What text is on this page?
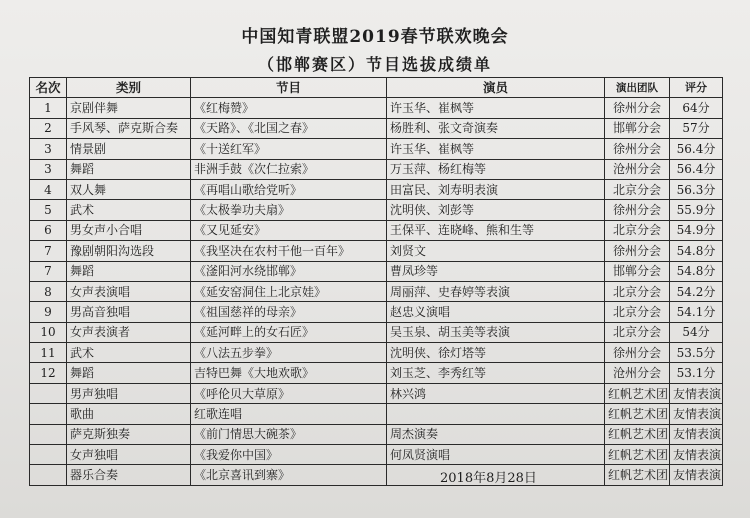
中国知青联盟2019春节联欢晚会
（邯郸赛区）节目选拔成绩单
名次	类别	节目	演员	演出团队	评分
1	京剧伴舞	《红梅赞》	许玉华、崔枫等	徐州分会	64分
2	手风琴、萨克斯合奏	《天路》、《北国之春》	杨胜利、张文奇演奏	邯郸分会	57分
3	情景剧	《十送红军》	许玉华、崔枫等	徐州分会	56.4分
3	舞蹈	非洲手鼓《次仁拉索》	万玉萍、杨红梅等	沧州分会	56.4分
4	双人舞	《再唱山歌给党听》	田富民、刘寿明表演	北京分会	56.3分
5	武术	《太极拳功夫扇》	沈明侠、刘彭等	徐州分会	55.9分
6	男女声小合唱	《又见延安》	王保平、连晓峰、熊和生等	北京分会	54.9分
7	豫剧朝阳沟选段	《我坚决在农村干他一百年》	刘贤文	徐州分会	54.8分
7	舞蹈	《滏阳河水绕邯郸》	曹凤珍等	邯郸分会	54.8分
8	女声表演唱	《延安窑洞住上北京娃》	周丽萍、史春婷等表演	北京分会	54.2分
9	男高音独唱	《祖国慈祥的母亲》	赵忠义演唱	北京分会	54.1分
10	女声表演者	《延河畔上的女石匠》	吴玉泉、胡玉美等表演	北京分会	54分
11	武术	《八法五步拳》	沈明侠、徐灯塔等	徐州分会	53.5分
12	舞蹈	吉特巴舞《大地欢歌》	刘玉芝、李秀红等	沧州分会	53.1分
	男声独唱	《呼伦贝大草原》	林兴鸿	红帆艺术团	友情表演
	歌曲	红歌连唱		红帆艺术团	友情表演
	萨克斯独奏	《前门情思大碗茶》	周杰演奏	红帆艺术团	友情表演
	女声独唱	《我爱你中国》	何凤贤演唱	红帆艺术团	友情表演
	器乐合奏	《北京喜讯到寨》		红帆艺术团	友情表演
2018年8月28日
